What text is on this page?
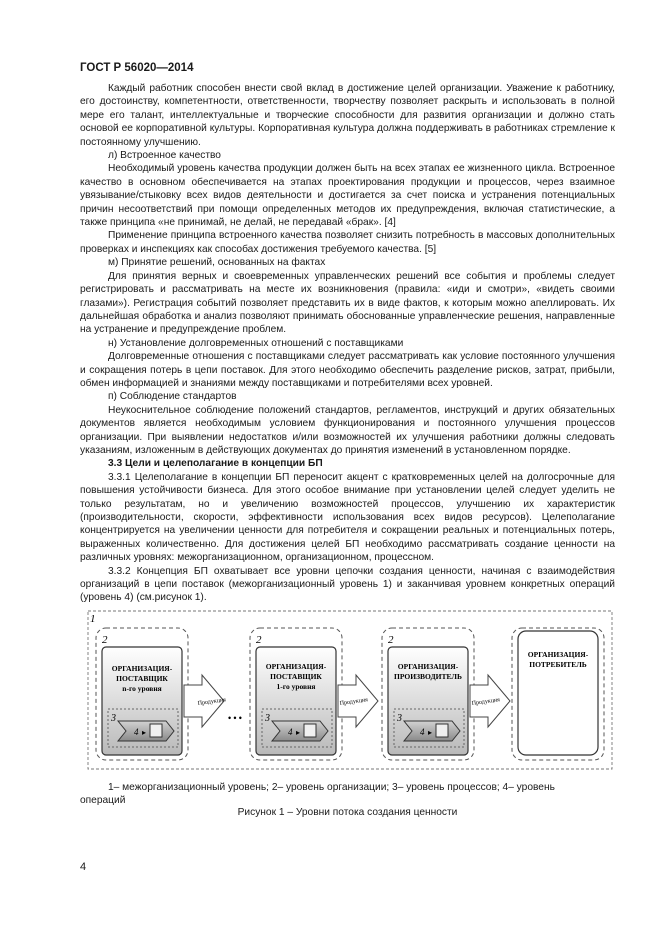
ГОСТ Р 56020—2014

Каждый работник способен внести свой вклад в достижение целей организации. Уважение к работнику, его достоинству, компетентности, ответственности, творчеству позволяет раскрыть и использовать в полной мере его талант, интеллектуальные и творческие способности для развития организации и должно стать основой ее корпоративной культуры. Корпоративная культура должна поддерживать в работниках стремление к постоянному улучшению.

л) Встроенное качество

Необходимый уровень качества продукции должен быть на всех этапах ее жизненного цикла. Встроенное качество в основном обеспечивается на этапах проектирования продукции и процессов, через взаимное увязывание/стыковку всех видов деятельности и достигается за счет поиска и устранения потенциальных причин несоответствий при помощи определенных методов их предупреждения, включая статистические, а также принципа «не принимай, не делай, не передавай «брак». [4]

Применение принципа встроенного качества позволяет снизить потребность в массовых дополнительных проверках и инспекциях как способах достижения требуемого качества. [5]

м) Принятие решений, основанных на фактах

Для принятия верных и своевременных управленческих решений все события и проблемы следует регистрировать и рассматривать на месте их возникновения (правила: «иди и смотри», «видеть своими глазами»). Регистрация событий позволяет представить их в виде фактов, к которым можно апеллировать. Их дальнейшая обработка и анализ позволяют принимать обоснованные управленческие решения, направленные на устранение и предупреждение проблем.

н) Установление долговременных отношений с поставщиками

Долговременные отношения с поставщиками следует рассматривать как условие постоянного улучшения и сокращения потерь в цепи поставок. Для этого необходимо обеспечить разделение рисков, затрат, прибыли, обмен информацией и знаниями между поставщиками и потребителями всех уровней.

п) Соблюдение стандартов

Неукоснительное соблюдение положений стандартов, регламентов, инструкций и других обязательных документов является необходимым условием функционирования и постоянного улучшения процессов организации. При выявлении недостатков и/или возможностей их улучшения работники должны следовать указаниям, изложенным в действующих документах до принятия изменений в установленном порядке.

3.3 Цели и целеполагание в концепции БП

3.3.1 Целеполагание в концепции БП переносит акцент с кратковременных целей на долгосрочные для повышения устойчивости бизнеса. Для этого особое внимание при установлении целей следует уделить не только результатам, но и увеличению возможностей процессов, улучшению их характеристик (производительности, скорости, эффективности использования всех видов ресурсов). Целеполагание концентрируется на увеличении ценности для потребителя и сокращении реальных и потенциальных потерь, выраженных количественно. Для достижения целей БП необходимо рассматривать создание ценности на различных уровнях: межорганизационном, организационном, процессном.

3.3.2 Концепция БП охватывает все уровни цепочки создания ценности, начиная с взаимодействия организаций в цепи поставок (межорганизационный уровень 1) и заканчивая уровнем конкретных операций (уровень 4) (см.рисунок 1).

1
2
ОРГАНИЗАЦИЯ-
ПОСТАВЩИК
n-го уровня
3
4 ▸
Продукция
• • •
2
ОРГАНИЗАЦИЯ-
ПОСТАВЩИК
1-го уровня
3
4 ▸
Продукция
2
ОРГАНИЗАЦИЯ-
ПРОИЗВОДИТЕЛЬ
3
4 ▸
Продукция
ОРГАНИЗАЦИЯ-
ПОТРЕБИТЕЛЬ

1– межорганизационный уровень; 2– уровень организации; 3– уровень процессов; 4– уровень

операций

Рисунок 1 – Уровни потока создания ценности
4
